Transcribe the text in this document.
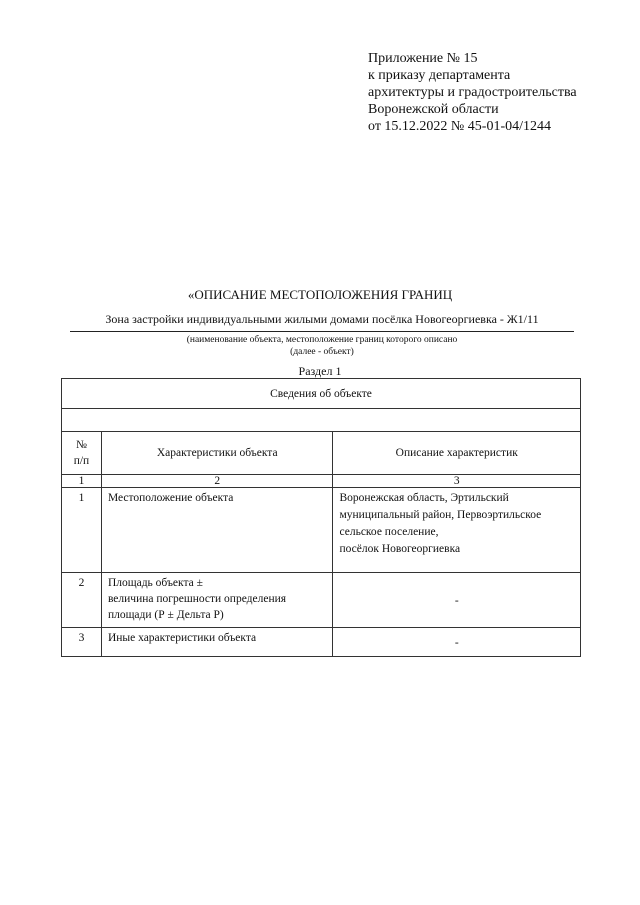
Приложение № 15
к приказу департамента
архитектуры и градостроительства
Воронежской области
от 15.12.2022 № 45-01-04/1244
«ОПИСАНИЕ МЕСТОПОЛОЖЕНИЯ ГРАНИЦ
Зона застройки индивидуальными жилыми домами посёлка Новогеоргиевка - Ж1/11
(наименование объекта, местоположение границ которого описано
(далее - объект)
Раздел 1
Сведения об объекте		

№
п/п	Характеристики объекта	Описание характеристик
1	2	3
1	Местоположение объекта	Воронежская область, Эртильский
муниципальный район, Первоэртильское
сельское поселение,
посёлок Новогеоргиевка
2	Площадь объекта ±
величина погрешности определения
площади (Р ± Дельта Р)	-
3	Иные характеристики объекта	-
